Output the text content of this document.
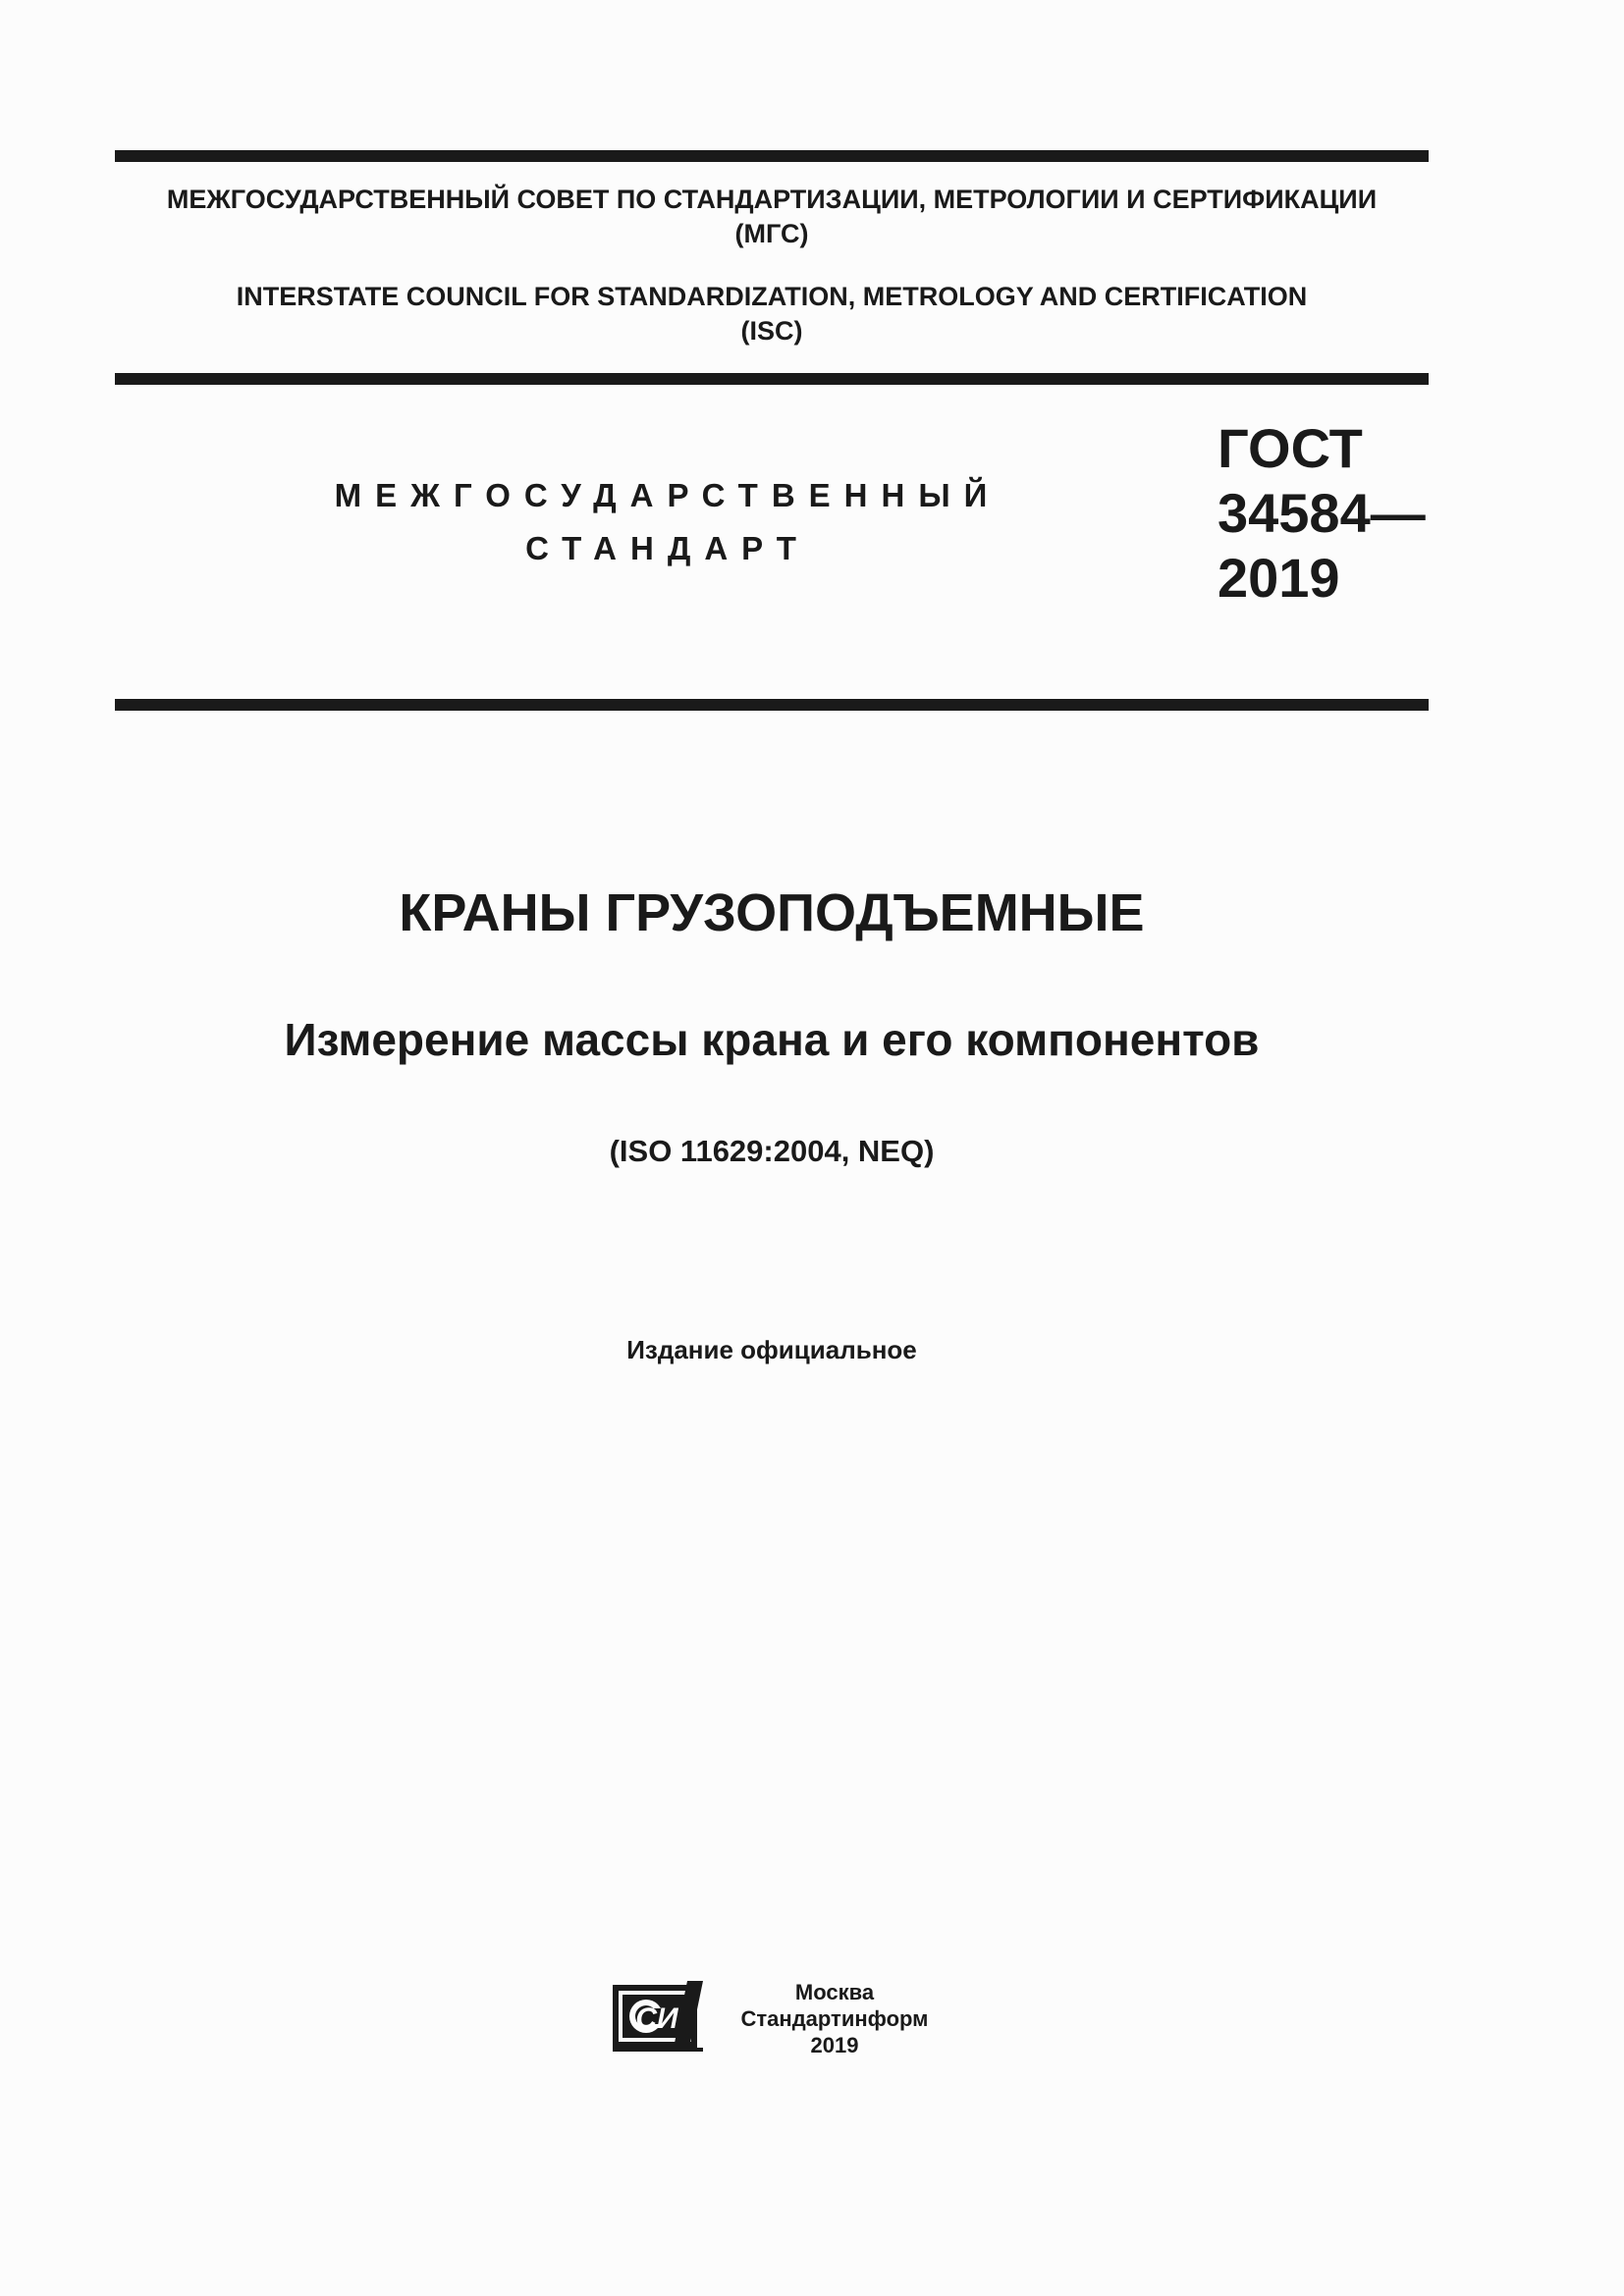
МЕЖГОСУДАРСТВЕННЫЙ СОВЕТ ПО СТАНДАРТИЗАЦИИ, МЕТРОЛОГИИ И СЕРТИФИКАЦИИ
(МГС)
INTERSTATE COUNCIL FOR STANDARDIZATION, METROLOGY AND CERTIFICATION
(ISC)
МЕЖГОСУДАРСТВЕННЫЙ
СТАНДАРТ
ГОСТ
34584—
2019
КРАНЫ ГРУЗОПОДЪЕМНЫЕ
Измерение массы крана и его компонентов
(ISO 11629:2004, NEQ)
Издание официальное
СИ
Москва
Стандартинформ
2019
